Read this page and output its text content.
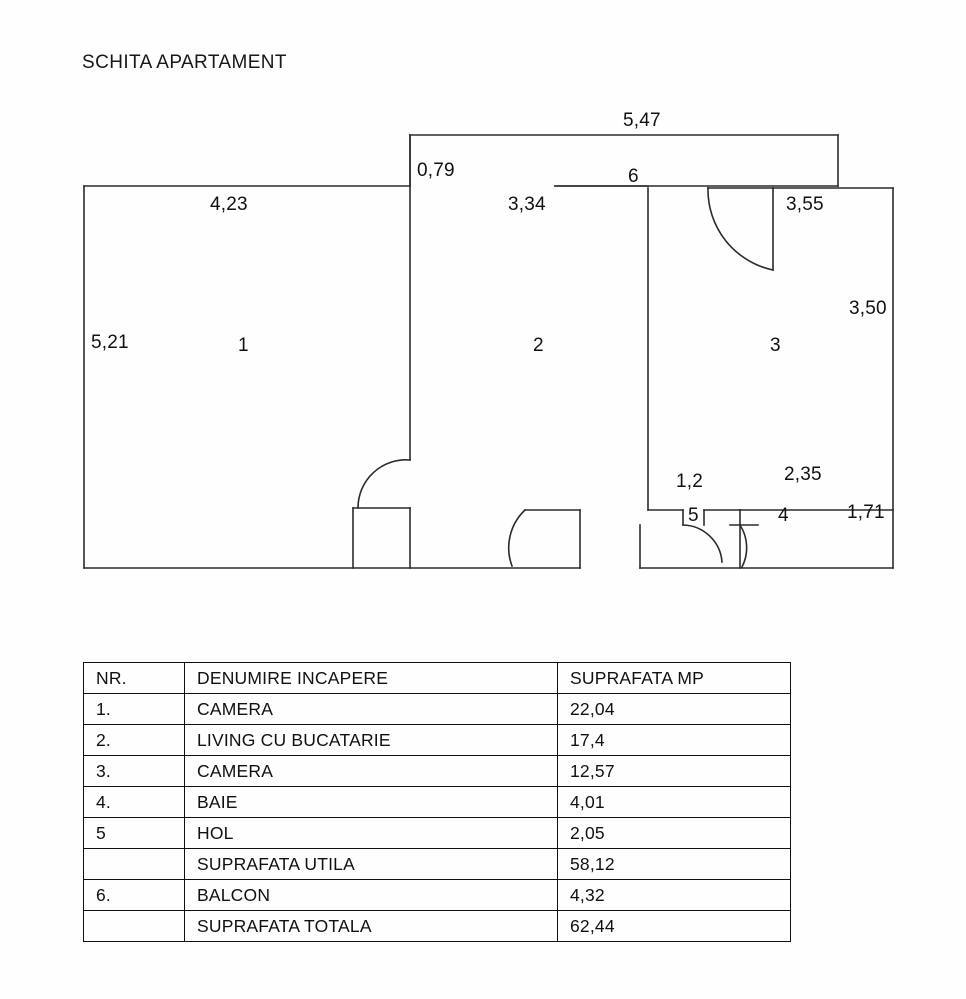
SCHITA APARTAMENT
5,47
0,79
4,23
5,21
3,34	3,55
3,50
1,2	2,35
1,71
1	2	3
4
5
6
NR.	DENUMIRE INCAPERE	SUPRAFATA MP
1.	CAMERA	22,04
2.	LIVING CU BUCATARIE	17,4
3.	CAMERA	12,57
4.	BAIE	4,01
5	HOL	2,05
	SUPRAFATA UTILA	58,12
6.	BALCON	4,32
	SUPRAFATA TOTALA	62,44
